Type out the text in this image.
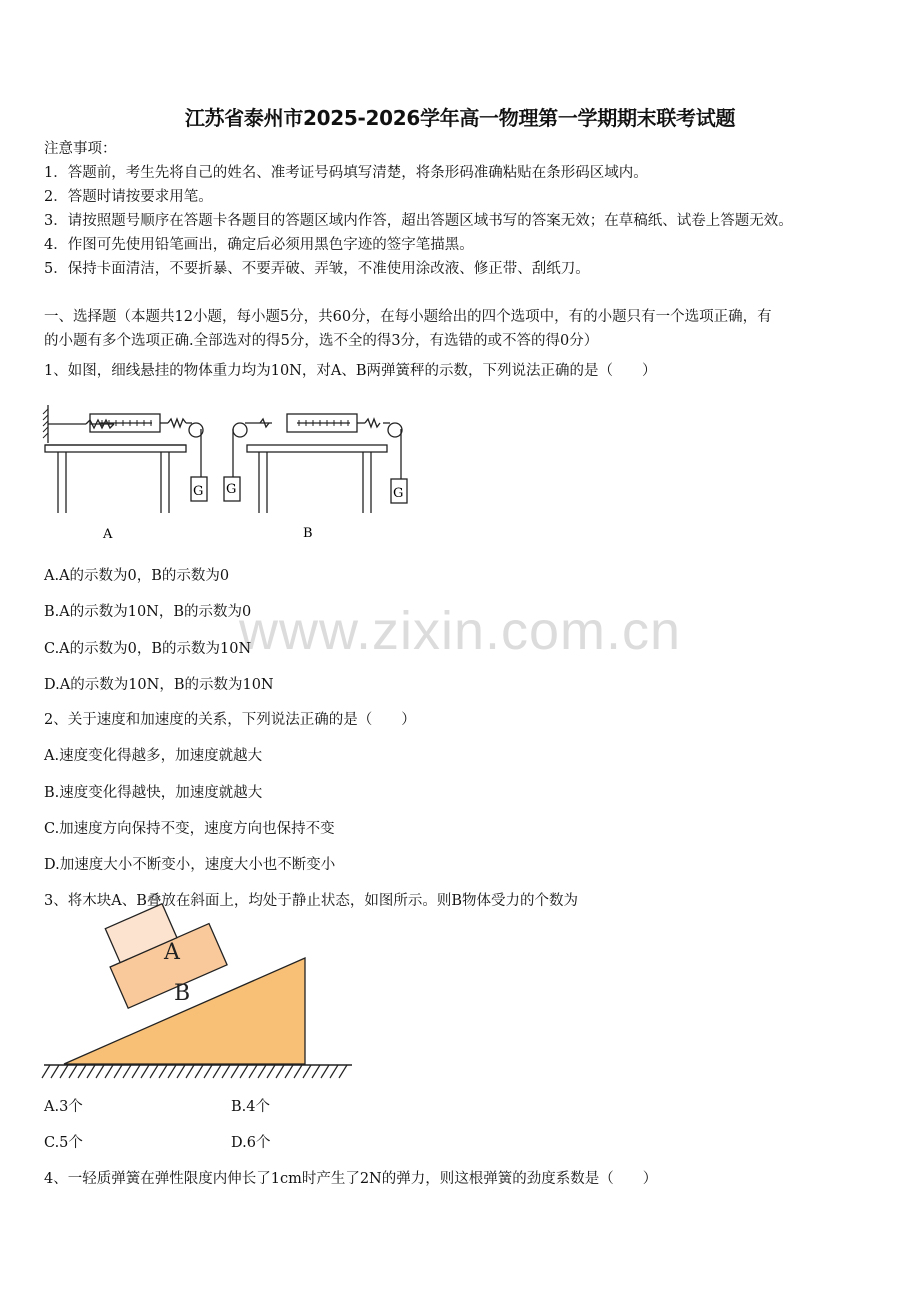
www.zixin.com.cn
江苏省泰州市2025-2026学年高一物理第一学期期末联考试题
注意事项：
1．答题前，考生先将自己的姓名、准考证号码填写清楚，将条形码准确粘贴在条形码区域内。
2．答题时请按要求用笔。
3．请按照题号顺序在答题卡各题目的答题区域内作答，超出答题区域书写的答案无效；在草稿纸、试卷上答题无效。
4．作图可先使用铅笔画出，确定后必须用黑色字迹的签字笔描黑。
5．保持卡面清洁，不要折暴、不要弄破、弄皱，不准使用涂改液、修正带、刮纸刀。
一、选择题（本题共12小题，每小题5分，共60分，在每小题给出的四个选项中，有的小题只有一个选项正确，有
的小题有多个选项正确.全部选对的得5分，选不全的得3分，有选错的或不答的得0分）
1、如图，细线悬挂的物体重力均为10N，对A、B两弹簧秤的示数，下列说法正确的是（　　）
G G	G
A	B
A.A的示数为0，B的示数为0
B.A的示数为10N，B的示数为0
C.A的示数为0，B的示数为10N
D.A的示数为10N，B的示数为10N
2、关于速度和加速度的关系，下列说法正确的是（　　）
A.速度变化得越多，加速度就越大
B.速度变化得越快，加速度就越大
C.加速度方向保持不变，速度方向也保持不变
D.加速度大小不断变小，速度大小也不断变小
3、将木块A、B叠放在斜面上，均处于静止状态，如图所示。则B物体受力的个数为
A
B
A.3个	B.4个
C.5个	D.6个
4、一轻质弹簧在弹性限度内伸长了1cm时产生了2N的弹力，则这根弹簧的劲度系数是（　　）
